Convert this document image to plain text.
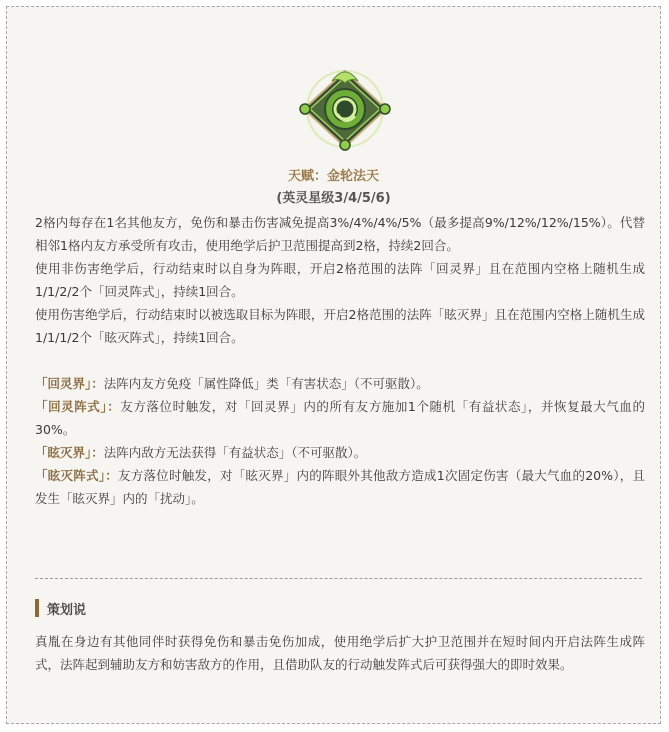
天赋：金轮法天
(英灵星级3/4/5/6)

2格内每存在1名其他友方，免伤和暴击伤害减免提高3%/4%/4%/5%（最多提高9%/12%/12%/15%）。代替相邻1格内友方承受所有攻击，使用绝学后护卫范围提高到2格，持续2回合。

使用非伤害绝学后，行动结束时以自身为阵眼，开启2格范围的法阵「回灵界」且在范围内空格上随机生成1/1/2/2个「回灵阵式」，持续1回合。

使用伤害绝学后，行动结束时以被选取目标为阵眼，开启2格范围的法阵「眩灭界」且在范围内空格上随机生成1/1/1/2个「眩灭阵式」，持续1回合。

「回灵界」：法阵内友方免疫「属性降低」类「有害状态」（不可驱散）。

「回灵阵式」：友方落位时触发，对「回灵界」内的所有友方施加1个随机「有益状态」，并恢复最大气血的30%。

「眩灭界」：法阵内敌方无法获得「有益状态」（不可驱散）。

「眩灭阵式」：友方落位时触发，对「眩灭界」内的阵眼外其他敌方造成1次固定伤害（最大气血的20%），且发生「眩灭界」内的「扰动」。

策划说
真胤在身边有其他同伴时获得免伤和暴击免伤加成，使用绝学后扩大护卫范围并在短时间内开启法阵生成阵式，法阵起到辅助友方和妨害敌方的作用，且借助队友的行动触发阵式后可获得强大的即时效果。
